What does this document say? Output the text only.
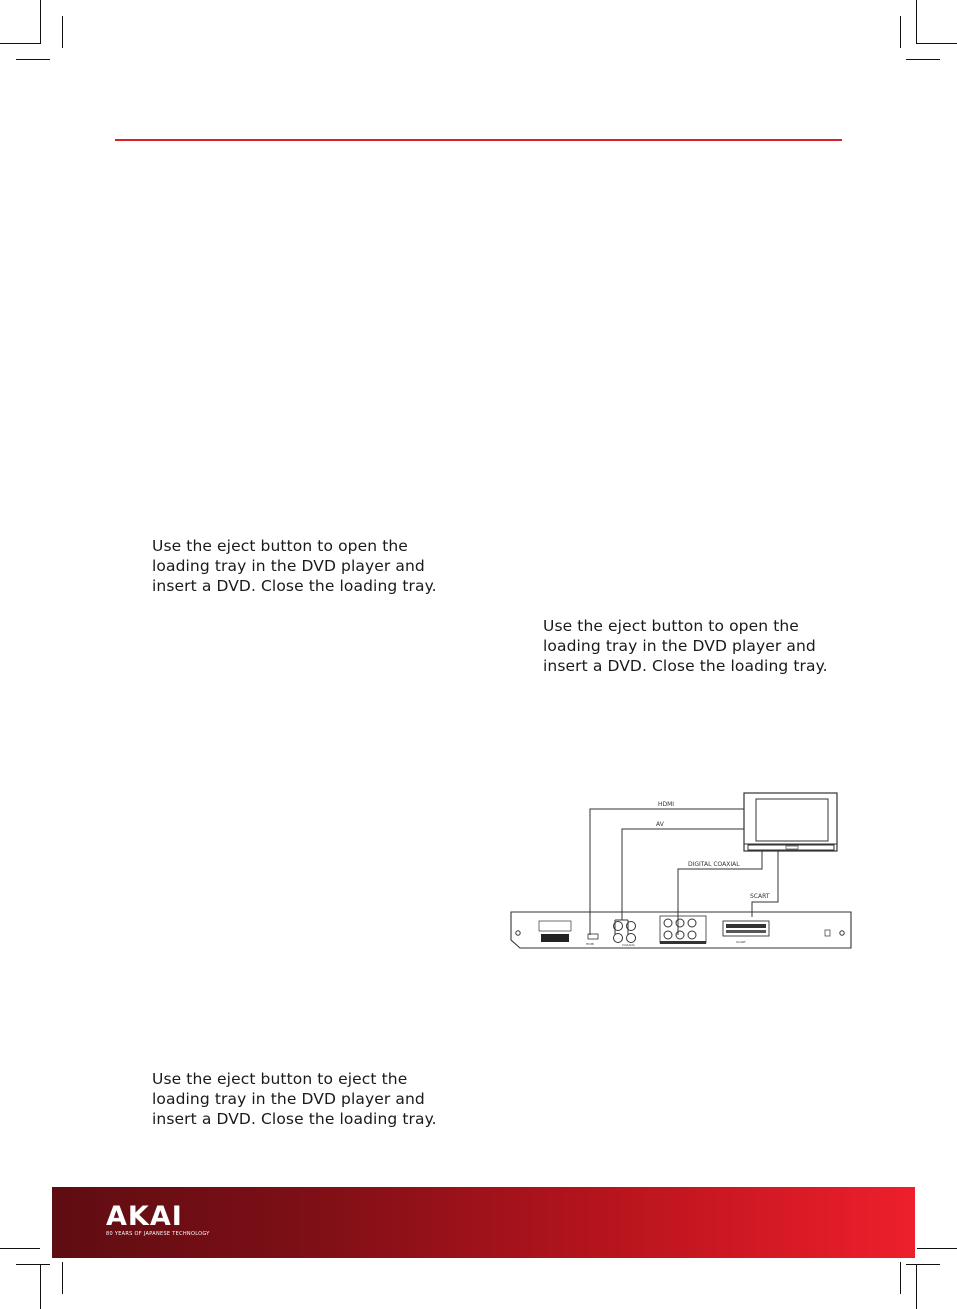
Use the eject button to open the
loading tray in the DVD player and
insert a DVD. Close the loading tray.
Use the eject button to open the
loading tray in the DVD player and
insert a DVD. Close the loading tray.
Use the eject button to eject the
loading tray in the DVD player and
insert a DVD. Close the loading tray.
HDMI
AV
DIGITAL COAXIAL
SCART
HDMI	COAXIAL
SCART
AKAI
80 YEARS OF JAPANESE TECHNOLOGY
